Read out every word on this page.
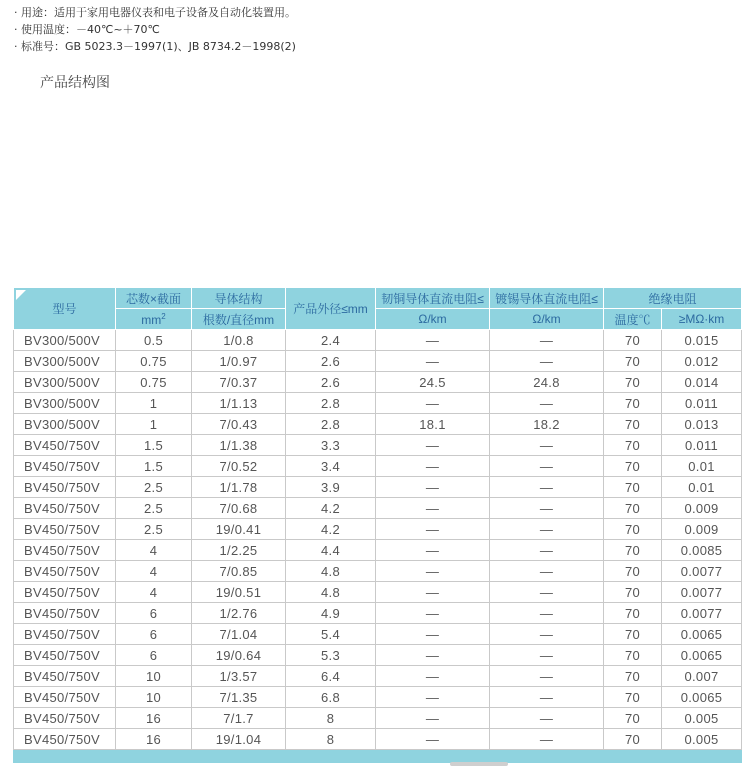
· 用途：适用于家用电器仪表和电子设备及自动化装置用。
· 使用温度：－40℃~＋70℃
· 标准号：GB 5023.3－1997(1)、JB 8734.2－1998(2)
产品结构图
型号	芯数×截面	导体结构	产品外径≤mm	韧铜导体直流电阻≤	镀锡导体直流电阻≤	绝缘电阻	
	$mm^2$	根数/直径mm		Ω/km	Ω/km	温度℃	≥MΩ·km
BV300/500V	0.5	1/0.8	2.4	—	—	70	0.015
BV300/500V	0.75	1/0.97	2.6	—	—	70	0.012
BV300/500V	0.75	7/0.37	2.6	24.5	24.8	70	0.014
BV300/500V	1	1/1.13	2.8	—	—	70	0.011
BV300/500V	1	7/0.43	2.8	18.1	18.2	70	0.013
BV450/750V	1.5	1/1.38	3.3	—	—	70	0.011
BV450/750V	1.5	7/0.52	3.4	—	—	70	0.01
BV450/750V	2.5	1/1.78	3.9	—	—	70	0.01
BV450/750V	2.5	7/0.68	4.2	—	—	70	0.009
BV450/750V	2.5	19/0.41	4.2	—	—	70	0.009
BV450/750V	4	1/2.25	4.4	—	—	70	0.0085
BV450/750V	4	7/0.85	4.8	—	—	70	0.0077
BV450/750V	4	19/0.51	4.8	—	—	70	0.0077
BV450/750V	6	1/2.76	4.9	—	—	70	0.0077
BV450/750V	6	7/1.04	5.4	—	—	70	0.0065
BV450/750V	6	19/0.64	5.3	—	—	70	0.0065
BV450/750V	10	1/3.57	6.4	—	—	70	0.007
BV450/750V	10	7/1.35	6.8	—	—	70	0.0065
BV450/750V	16	7/1.7	8	—	—	70	0.005
BV450/750V	16	19/1.04	8	—	—	70	0.005
